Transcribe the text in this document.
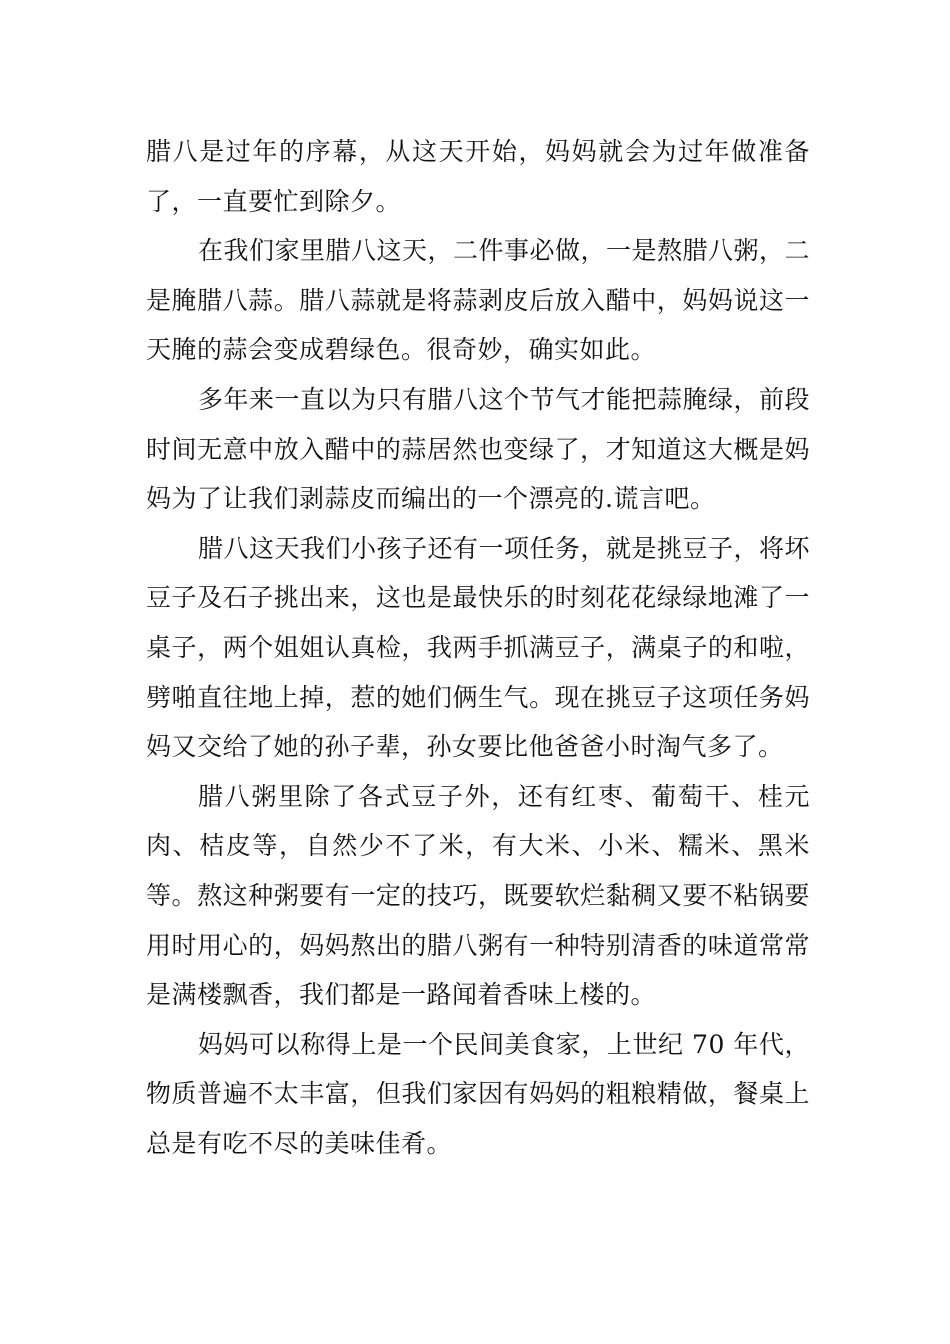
腊八是过年的序幕，从这天开始，妈妈就会为过年做准备了，一直要忙到除夕。

在我们家里腊八这天，二件事必做，一是熬腊八粥，二是腌腊八蒜。腊八蒜就是将蒜剥皮后放入醋中，妈妈说这一天腌的蒜会变成碧绿色。很奇妙，确实如此。

多年来一直以为只有腊八这个节气才能把蒜腌绿，前段时间无意中放入醋中的蒜居然也变绿了，才知道这大概是妈妈为了让我们剥蒜皮而编出的一个漂亮的.谎言吧。

腊八这天我们小孩子还有一项任务，就是挑豆子，将坏豆子及石子挑出来，这也是最快乐的时刻花花绿绿地滩了一桌子，两个姐姐认真检，我两手抓满豆子，满桌子的和啦，劈啪直往地上掉，惹的她们俩生气。现在挑豆子这项任务妈妈又交给了她的孙子辈，孙女要比他爸爸小时淘气多了。

腊八粥里除了各式豆子外，还有红枣、葡萄干、桂元肉、桔皮等，自然少不了米，有大米、小米、糯米、黑米等。熬这种粥要有一定的技巧，既要软烂黏稠又要不粘锅要用时用心的，妈妈熬出的腊八粥有一种特别清香的味道常常是满楼飘香，我们都是一路闻着香味上楼的。

妈妈可以称得上是一个民间美食家，上世纪 70 年代，物质普遍不太丰富，但我们家因有妈妈的粗粮精做，餐桌上总是有吃不尽的美味佳肴。
